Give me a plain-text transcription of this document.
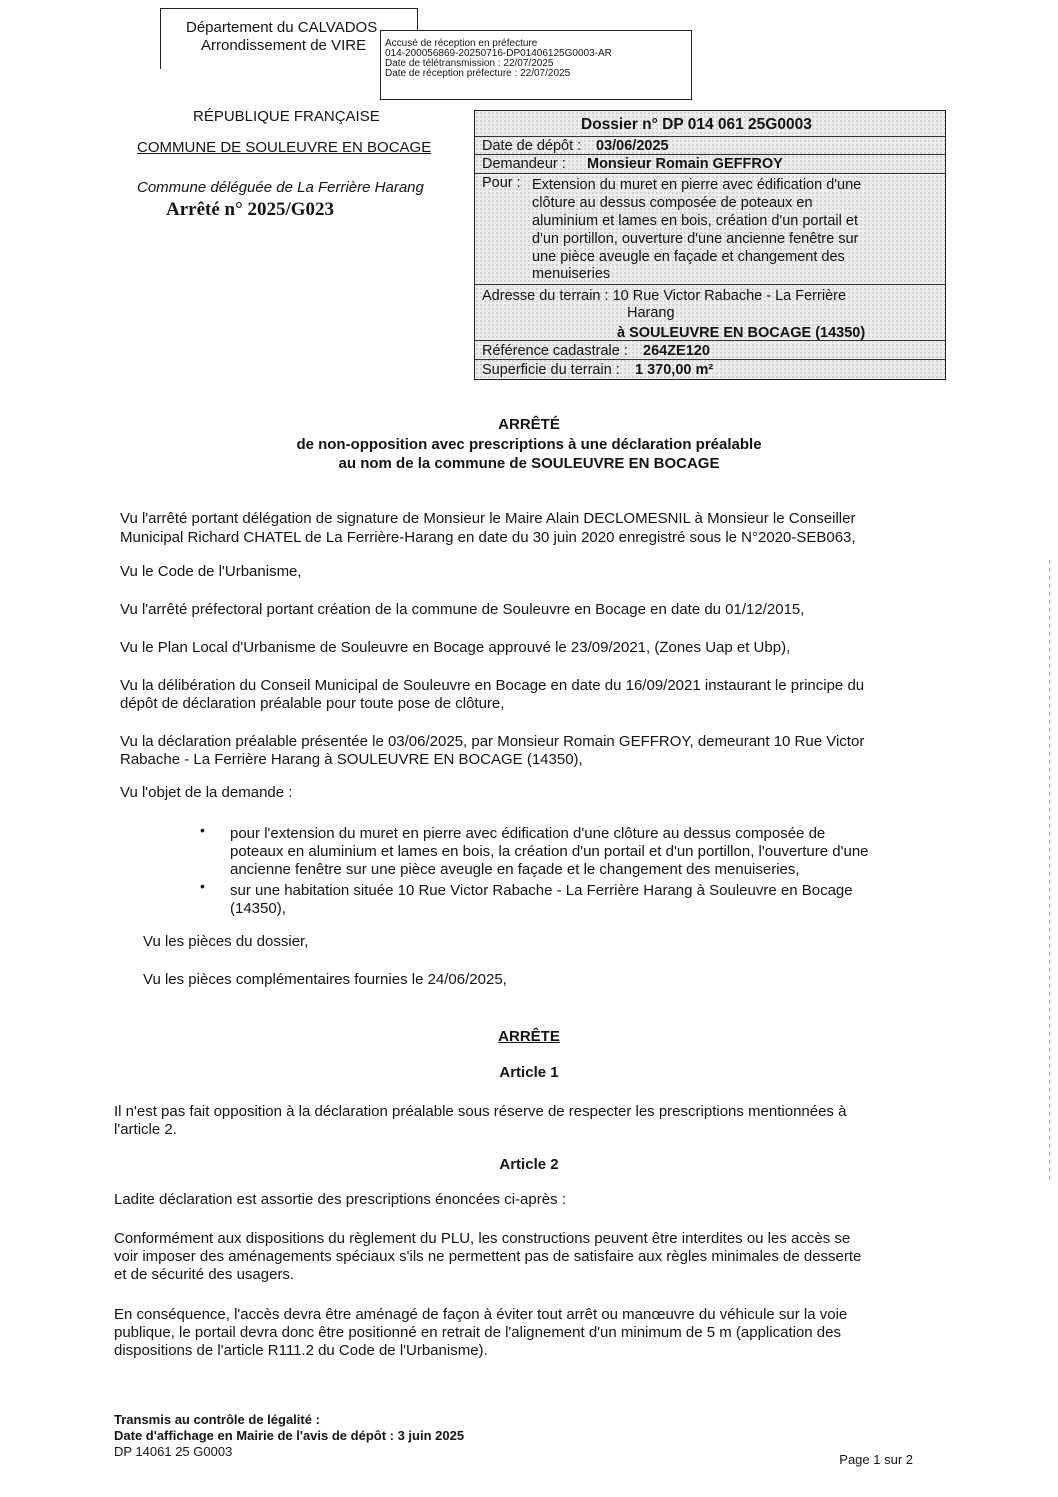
Département du CALVADOS
Arrondissement de VIRE Accusé de réception en préfecture
014-200056869-20250716-DP01406125G0003-AR
Date de télétransmission : 22/07/2025
Date de réception préfecture : 22/07/2025
RÉPUBLIQUE FRANÇAISE
COMMUNE DE SOULEUVRE EN BOCAGE
Commune déléguée de La Ferrière Harang
Arrêté n° 2025/G023
Dossier n° DP 014 061 25G0003
Date de dépôt : 03/06/2025
Demandeur : Monsieur Romain GEFFROY
Pour : Extension du muret en pierre avec édification d'une
clôture au dessus composée de poteaux en
aluminium et lames en bois, création d'un portail et
d'un portillon, ouverture d'une ancienne fenêtre sur
une pièce aveugle en façade et changement des
menuiseries
Adresse du terrain : 10 Rue Victor Rabache - La Ferrière
Harang
à SOULEUVRE EN BOCAGE (14350)
Référence cadastrale : 264ZE120
Superficie du terrain : 1 370,00 m²
ARRÊTÉ
de non-opposition avec prescriptions à une déclaration préalable
au nom de la commune de SOULEUVRE EN BOCAGE
Vu l'arrêté portant délégation de signature de Monsieur le Maire Alain DECLOMESNIL à Monsieur le Conseiller
Municipal Richard CHATEL de La Ferrière-Harang en date du 30 juin 2020 enregistré sous le N°2020-SEB063,
Vu le Code de l'Urbanisme,
Vu l'arrêté préfectoral portant création de la commune de Souleuvre en Bocage en date du 01/12/2015,
Vu le Plan Local d'Urbanisme de Souleuvre en Bocage approuvé le 23/09/2021, (Zones Uap et Ubp),
Vu la délibération du Conseil Municipal de Souleuvre en Bocage en date du 16/09/2021 instaurant le principe du
dépôt de déclaration préalable pour toute pose de clôture,
Vu la déclaration préalable présentée le 03/06/2025, par Monsieur Romain GEFFROY, demeurant 10 Rue Victor
Rabache - La Ferrière Harang à SOULEUVRE EN BOCAGE (14350),
Vu l'objet de la demande :
• pour l'extension du muret en pierre avec édification d'une clôture au dessus composée de
poteaux en aluminium et lames en bois, la création d'un portail et d'un portillon, l'ouverture d'une
ancienne fenêtre sur une pièce aveugle en façade et le changement des menuiseries,
• sur une habitation située 10 Rue Victor Rabache - La Ferrière Harang à Souleuvre en Bocage
(14350),
Vu les pièces du dossier,
Vu les pièces complémentaires fournies le 24/06/2025,
ARRÊTE
Article 1
Il n'est pas fait opposition à la déclaration préalable sous réserve de respecter les prescriptions mentionnées à
l'article 2.
Article 2
Ladite déclaration est assortie des prescriptions énoncées ci-après :
Conformément aux dispositions du règlement du PLU, les constructions peuvent être interdites ou les accès se
voir imposer des aménagements spéciaux s'ils ne permettent pas de satisfaire aux règles minimales de desserte
et de sécurité des usagers.
En conséquence, l'accès devra être aménagé de façon à éviter tout arrêt ou manœuvre du véhicule sur la voie
publique, le portail devra donc être positionné en retrait de l'alignement d'un minimum de 5 m (application des
dispositions de l'article R111.2 du Code de l'Urbanisme).
Transmis au contrôle de légalité :
Date d'affichage en Mairie de l'avis de dépôt : 3 juin 2025
DP 14061 25 G0003
Page 1 sur 2
